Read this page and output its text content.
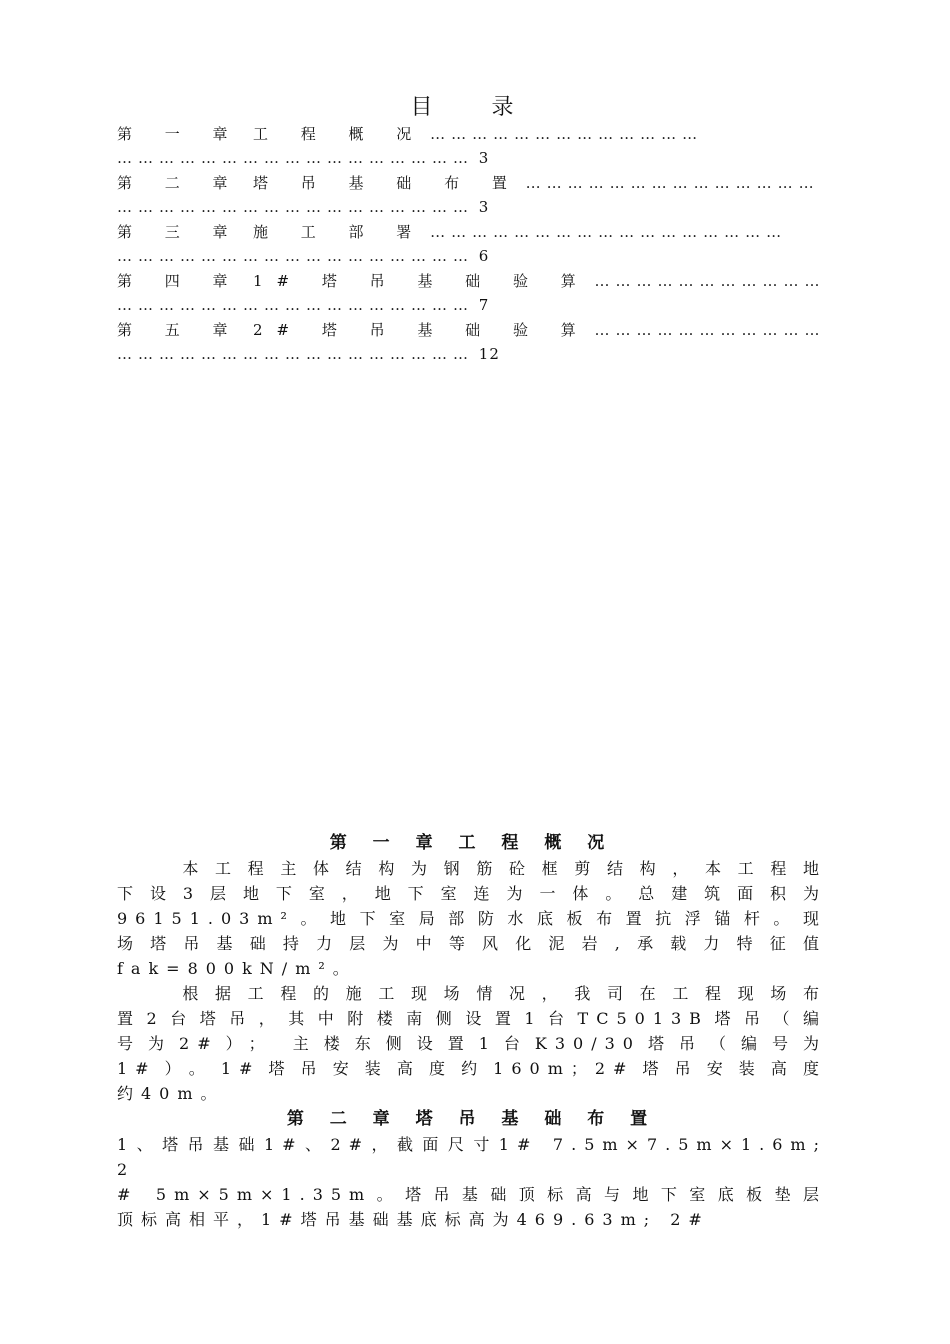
目 录
第 一 章 工 程 概 况 …………………………………
…………………………………………… 3
第 二 章 塔 吊 基 础 布 置 ……………………………………
…………………………………………… 3
第 三 章 施 工 部 署 ……………………………………………
…………………………………………… 6
第 四 章 1# 塔 吊 基 础 验 算 ……………………………
…………………………………………… 7
第 五 章 2# 塔 吊 基 础 验 算 ……………………………
…………………………………………… 12
第 一 章 工 程 概 况
　　本工程主体结构为钢筋砼框剪结构，本工程地
下设3层地下室，地下室连为一体。总建筑面积为
96151.03m²。地下室局部防水底板布置抗浮锚杆。现
场塔吊基础持力层为中等风化泥岩,承载力特征值
fak=800kN/m²。
　　根据工程的施工现场情况，我司在工程现场布
置2台塔吊，其中附楼南侧设置1台TC5013B塔吊（编
号为2#）； 主楼东侧设置1台K30/30塔吊（编号为
1#）。1#塔吊安装高度约160m；2#塔吊安装高度
约40m。
第 二 章 塔 吊 基 础 布 置
1、塔吊基础1#、2#，截面尺寸1# 7.5m×7.5m×1.6m; 2
# 5m×5m×1.35m。塔吊基础顶标高与地下室底板垫层
顶标高相平，1#塔吊基础基底标高为469.63m; 2#
